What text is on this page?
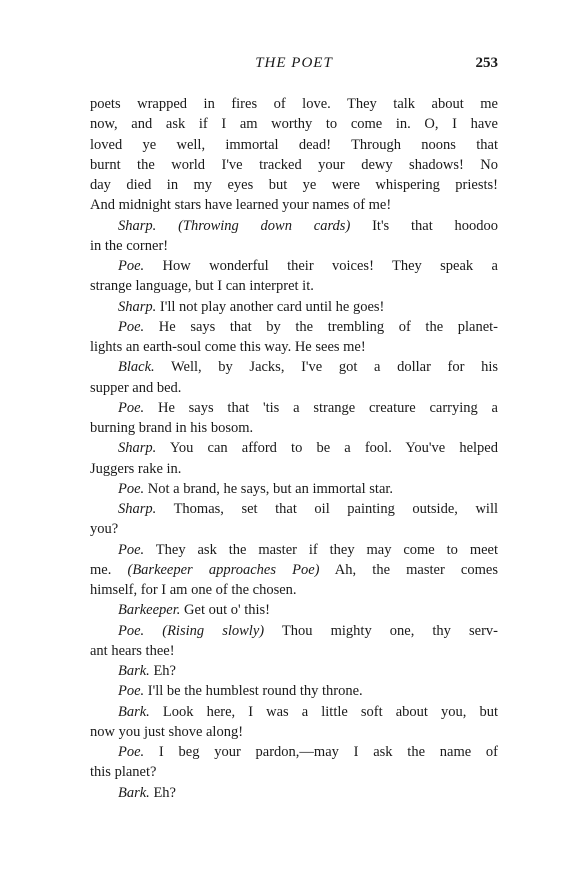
THE POET	253
poets wrapped in fires of love. They talk about me
now, and ask if I am worthy to come in. O, I have
loved ye well, immortal dead! Through noons that
burnt the world I've tracked your dewy shadows! No
day died in my eyes but ye were whispering priests!
And midnight stars have learned your names of me!
Sharp. (Throwing down cards) It's that hoodoo
in the corner!
Poe. How wonderful their voices! They speak a
strange language, but I can interpret it.
Sharp. I'll not play another card until he goes!
Poe. He says that by the trembling of the planet-
lights an earth-soul come this way. He sees me!
Black. Well, by Jacks, I've got a dollar for his
supper and bed.
Poe. He says that 'tis a strange creature carrying a
burning brand in his bosom.
Sharp. You can afford to be a fool. You've helped
Juggers rake in.
Poe. Not a brand, he says, but an immortal star.
Sharp. Thomas, set that oil painting outside, will
you?
Poe. They ask the master if they may come to meet
me. (Barkeeper approaches Poe) Ah, the master comes
himself, for I am one of the chosen.
Barkeeper. Get out o' this!
Poe. (Rising slowly) Thou mighty one, thy serv-
ant hears thee!
Bark. Eh?
Poe. I'll be the humblest round thy throne.
Bark. Look here, I was a little soft about you, but
now you just shove along!
Poe. I beg your pardon,—may I ask the name of
this planet?
Bark. Eh?
